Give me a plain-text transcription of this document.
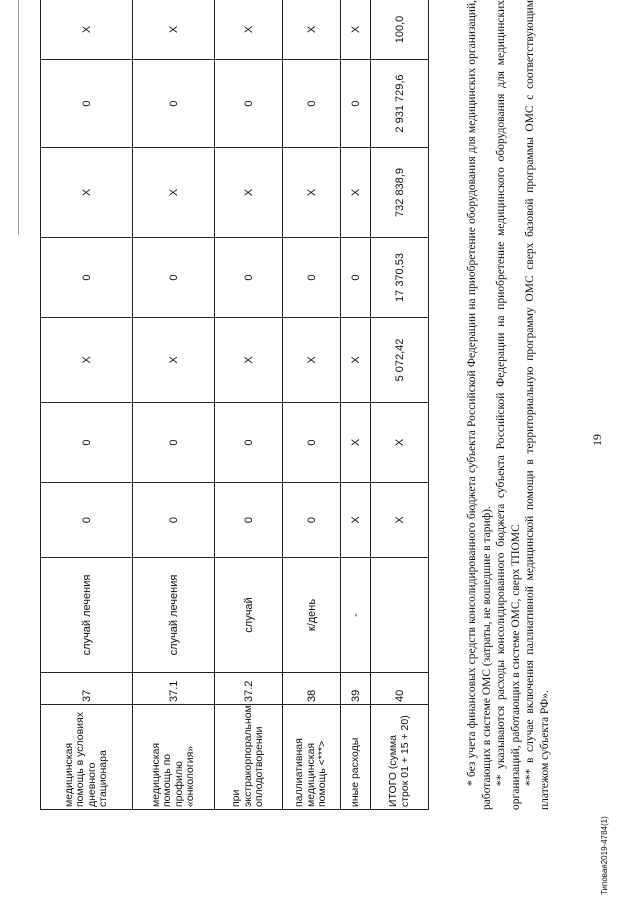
19
медицинская помощь в условиях дневного стационара	37	случай лечения	0	0	X	0	X	0	X
медицинская помощь по профилю «онкология»	37.1	случай лечения	0	0	X	0	X	0	X
при экстракорпоральном оплодотворении	37.2	случай	0	0	X	0	X	0	X
паллиативная медицинская помощь <***>	38	к/день	0	0	X	0	X	0	X
иные расходы	39	-	X	X	X	0	X	0	X
ИТОГО (сумма строк 01 + 15 + 20)	40		X	X	5 072,42	17 370,53	732 838,9	2 931 729,6	100,0	* без учета финансовых средств консолидированного бюджета субъекта Российской Федерации на приобретение оборудования для медицинских организаций, работающих в системе ОМС (затраты, не вошедшие в тариф). ** указываются расходы консолидированного бюджета субъекта Российской Федерации на приобретение медицинского оборудования для медицинских организаций, работающих в системе ОМС, сверх ТПОМС *** в случае включения паллиативной медицинской помощи в территориальную программу ОМС сверх базовой программы ОМС с соответствующим платежом субъекта РФ».

Типовая2019-4784(1)
